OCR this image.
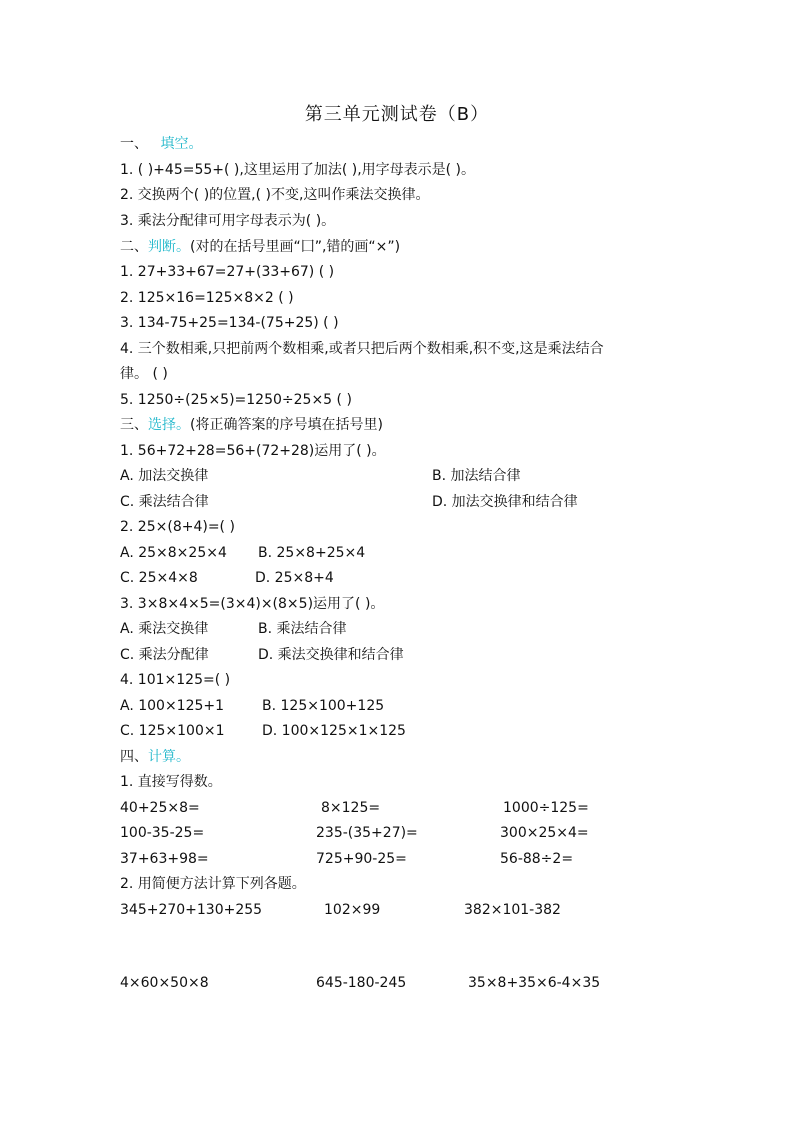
第三单元测试卷（B）
一、 填空。
1. ( )+45=55+( ),这里运用了加法( ),用字母表示是( )。
2. 交换两个( )的位置,( )不变,这叫作乘法交换律。
3. 乘法分配律可用字母表示为( )。
二、判断。(对的在括号里画“囗”,错的画“×”)
1. 27+33+67=27+(33+67) ( )
2. 125×16=125×8×2 ( )
3. 134-75+25=134-(75+25) ( )
4. 三个数相乘,只把前两个数相乘,或者只把后两个数相乘,积不变,这是乘法结合
律。 ( )
5. 1250÷(25×5)=1250÷25×5 ( )
三、选择。(将正确答案的序号填在括号里)
1. 56+72+28=56+(72+28)运用了( )。
A. 加法交换律	B. 加法结合律
C. 乘法结合律	D. 加法交换律和结合律
2. 25×(8+4)=( )
A. 25×8×25×4 B. 25×8+25×4
C. 25×4×8	D. 25×8+4
3. 3×8×4×5=(3×4)×(8×5)运用了( )。
A. 乘法交换律	B. 乘法结合律
C. 乘法分配律	D. 乘法交换律和结合律
4. 101×125=( )
A. 100×125+1	B. 125×100+125
C. 125×100×1	D. 100×125×1×125
四、计算。
1. 直接写得数。
40+25×8=	8×125=	1000÷125=
100-35-25=	235-(35+27)=	300×25×4=
37+63+98=	725+90-25=	56-88÷2=
2. 用简便方法计算下列各题。
345+270+130+255	102×99	382×101-382
4×60×50×8	645-180-245	35×8+35×6-4×35
